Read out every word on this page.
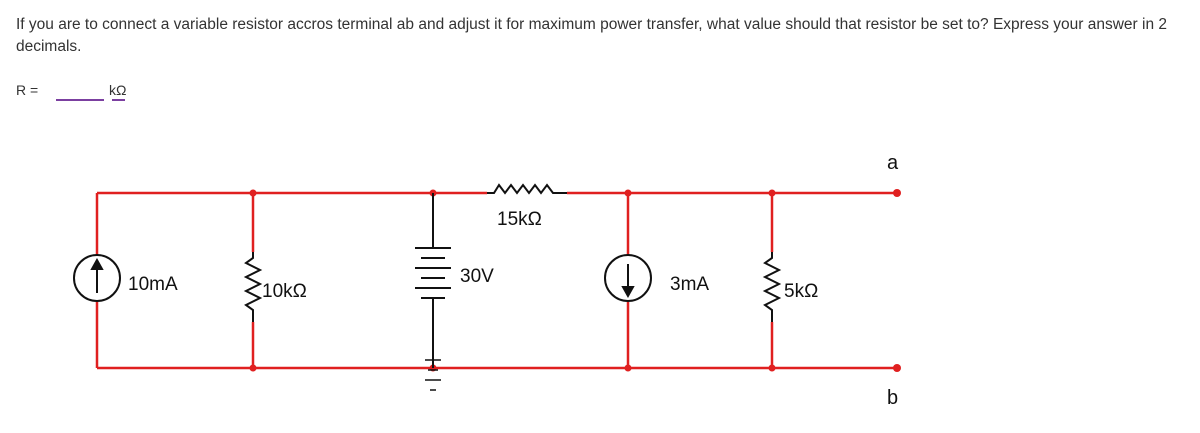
If you are to connect a variable resistor accros terminal ab and adjust it for maximum power transfer, what value should that resistor be set to? Express your answer in 2 decimals.
R =	kΩ
10mA	10kΩ
30V
15kΩ
3mA	5kΩ
a
b
